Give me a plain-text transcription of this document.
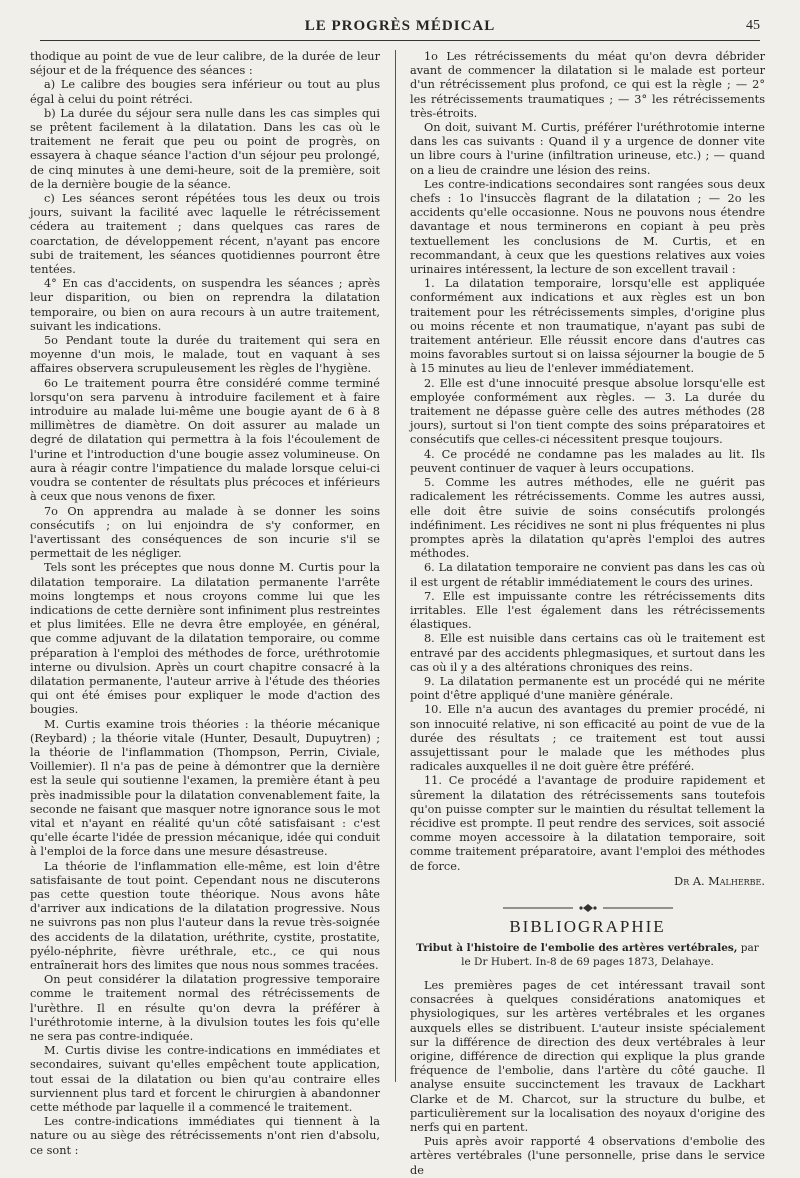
LE PROGRÈS MÉDICAL	45

thodique au point de vue de leur calibre, de la durée de leur séjour et de la fréquence des séances :

a) Le calibre des bougies sera inférieur ou tout au plus égal à celui du point rétréci.

b) La durée du séjour sera nulle dans les cas simples qui se prêtent facilement à la dilatation. Dans les cas où le traitement ne ferait que peu ou point de progrès, on essayera à chaque séance l'action d'un séjour peu prolongé, de cinq minutes à une demi-heure, soit de la première, soit de la dernière bougie de la séance.

c) Les séances seront répétées tous les deux ou trois jours, suivant la facilité avec laquelle le rétrécissement cédera au traitement ; dans quelques cas rares de coarctation, de développement récent, n'ayant pas encore subi de traitement, les séances quotidiennes pourront être tentées.

4° En cas d'accidents, on suspendra les séances ; après leur disparition, ou bien on reprendra la dilatation temporaire, ou bien on aura recours à un autre traitement, suivant les indications.

5o Pendant toute la durée du traitement qui sera en moyenne d'un mois, le malade, tout en vaquant à ses affaires observera scrupuleusement les règles de l'hygiène.

6o Le traitement pourra être considéré comme terminé lorsqu'on sera parvenu à introduire facilement et à faire introduire au malade lui-même une bougie ayant de 6 à 8 millimètres de diamètre. On doit assurer au malade un degré de dilatation qui permettra à la fois l'écoulement de l'urine et l'introduction d'une bougie assez volumineuse. On aura à réagir contre l'impatience du malade lorsque celui-ci voudra se contenter de résultats plus précoces et inférieurs à ceux que nous venons de fixer.

7o On apprendra au malade à se donner les soins consécutifs ; on lui enjoindra de s'y conformer, en l'avertissant des conséquences de son incurie s'il se permettait de les négliger.

Tels sont les préceptes que nous donne M. Curtis pour la dilatation temporaire. La dilatation permanente l'arrête moins longtemps et nous croyons comme lui que les indications de cette dernière sont infiniment plus restreintes et plus limitées. Elle ne devra être employée, en général, que comme adjuvant de la dilatation temporaire, ou comme préparation à l'emploi des méthodes de force, uréthrotomie interne ou divulsion. Après un court chapitre consacré à la dilatation permanente, l'auteur arrive à l'étude des théories qui ont été émises pour expliquer le mode d'action des bougies.

M. Curtis examine trois théories : la théorie mécanique (Reybard) ; la théorie vitale (Hunter, Desault, Dupuytren) ; la théorie de l'inflammation (Thompson, Perrin, Civiale, Voillemier). Il n'a pas de peine à démontrer que la dernière est la seule qui soutienne l'examen, la première étant à peu près inadmissible pour la dilatation convenablement faite, la seconde ne faisant que masquer notre ignorance sous le mot vital et n'ayant en réalité qu'un côté satisfaisant : c'est qu'elle écarte l'idée de pression mécanique, idée qui conduit à l'emploi de la force dans une mesure désastreuse.

La théorie de l'inflammation elle-même, est loin d'être satisfaisante de tout point. Cependant nous ne discuterons pas cette question toute théorique. Nous avons hâte d'arriver aux indications de la dilatation progressive. Nous ne suivrons pas non plus l'auteur dans la revue très-soignée des accidents de la dilatation, uréthrite, cystite, prostatite, pyélo-néphrite, fièvre uréthrale, etc., ce qui nous entraînerait hors des limites que nous nous sommes tracées.

On peut considérer la dilatation progressive temporaire comme le traitement normal des rétrécissements de l'urèthre. Il en résulte qu'on devra la préférer à l'uréthrotomie interne, à la divulsion toutes les fois qu'elle ne sera pas contre-indiquée.

M. Curtis divise les contre-indications en immédiates et secondaires, suivant qu'elles empêchent toute application, tout essai de la dilatation ou bien qu'au contraire elles surviennent plus tard et forcent le chirurgien à abandonner cette méthode par laquelle il a commencé le traitement.

Les contre-indications immédiates qui tiennent à la nature ou au siège des rétrécissements n'ont rien d'absolu, ce sont :

1o Les rétrécissements du méat qu'on devra débrider avant de commencer la dilatation si le malade est porteur d'un rétrécissement plus profond, ce qui est la règle ; — 2° les rétrécissements traumatiques ; — 3° les rétrécissements très-étroits.

On doit, suivant M. Curtis, préférer l'uréthrotomie interne dans les cas suivants : Quand il y a urgence de donner vite un libre cours à l'urine (infiltration urineuse, etc.) ; — quand on a lieu de craindre une lésion des reins.

Les contre-indications secondaires sont rangées sous deux chefs : 1o l'insuccès flagrant de la dilatation ; — 2o les accidents qu'elle occasionne. Nous ne pouvons nous étendre davantage et nous terminerons en copiant à peu près textuellement les conclusions de M. Curtis, et en recommandant, à ceux que les questions relatives aux voies urinaires intéressent, la lecture de son excellent travail :

1. La dilatation temporaire, lorsqu'elle est appliquée conformément aux indications et aux règles est un bon traitement pour les rétrécissements simples, d'origine plus ou moins récente et non traumatique, n'ayant pas subi de traitement antérieur. Elle réussit encore dans d'autres cas moins favorables surtout si on laissa séjourner la bougie de 5 à 15 minutes au lieu de l'enlever immédiatement.

2. Elle est d'une innocuité presque absolue lorsqu'elle est employée conformément aux règles. — 3. La durée du traitement ne dépasse guère celle des autres méthodes (28 jours), surtout si l'on tient compte des soins préparatoires et consécutifs que celles-ci nécessitent presque toujours.

4. Ce procédé ne condamne pas les malades au lit. Ils peuvent continuer de vaquer à leurs occupations.

5. Comme les autres méthodes, elle ne guérit pas radicalement les rétrécissements. Comme les autres aussi, elle doit être suivie de soins consécutifs prolongés indéfiniment. Les récidives ne sont ni plus fréquentes ni plus promptes après la dilatation qu'après l'emploi des autres méthodes.

6. La dilatation temporaire ne convient pas dans les cas où il est urgent de rétablir immédiatement le cours des urines.

7. Elle est impuissante contre les rétrécissements dits irritables. Elle l'est également dans les rétrécissements élastiques.

8. Elle est nuisible dans certains cas où le traitement est entravé par des accidents phlegmasiques, et surtout dans les cas où il y a des altérations chroniques des reins.

9. La dilatation permanente est un procédé qui ne mérite point d'être appliqué d'une manière générale.

10. Elle n'a aucun des avantages du premier procédé, ni son innocuité relative, ni son efficacité au point de vue de la durée des résultats ; ce traitement est tout aussi assujettissant pour le malade que les méthodes plus radicales auxquelles il ne doit guère être préféré.

11. Ce procédé a l'avantage de produire rapidement et sûrement la dilatation des rétrécissements sans toutefois qu'on puisse compter sur le maintien du résultat tellement la récidive est prompte. Il peut rendre des services, soit associé comme moyen accessoire à la dilatation temporaire, soit comme traitement préparatoire, avant l'emploi des méthodes de force.

Dr A. Malherbe.
BIBLIOGRAPHIE
Tribut à l'histoire de l'embolie des artères vertébrales, par le Dr Hubert. In-8 de 69 pages 1873, Delahaye.

Les premières pages de cet intéressant travail sont consacrées à quelques considérations anatomiques et physiologiques, sur les artères vertébrales et les organes auxquels elles se distribuent. L'auteur insiste spécialement sur la différence de direction des deux vertébrales à leur origine, différence de direction qui explique la plus grande fréquence de l'embolie, dans l'artère du côté gauche. Il analyse ensuite succinctement les travaux de Lackhart Clarke et de M. Charcot, sur la structure du bulbe, et particulièrement sur la localisation des noyaux d'origine des nerfs qui en partent.

Puis après avoir rapporté 4 observations d'embolie des artères vertébrales (l'une personnelle, prise dans le service de
